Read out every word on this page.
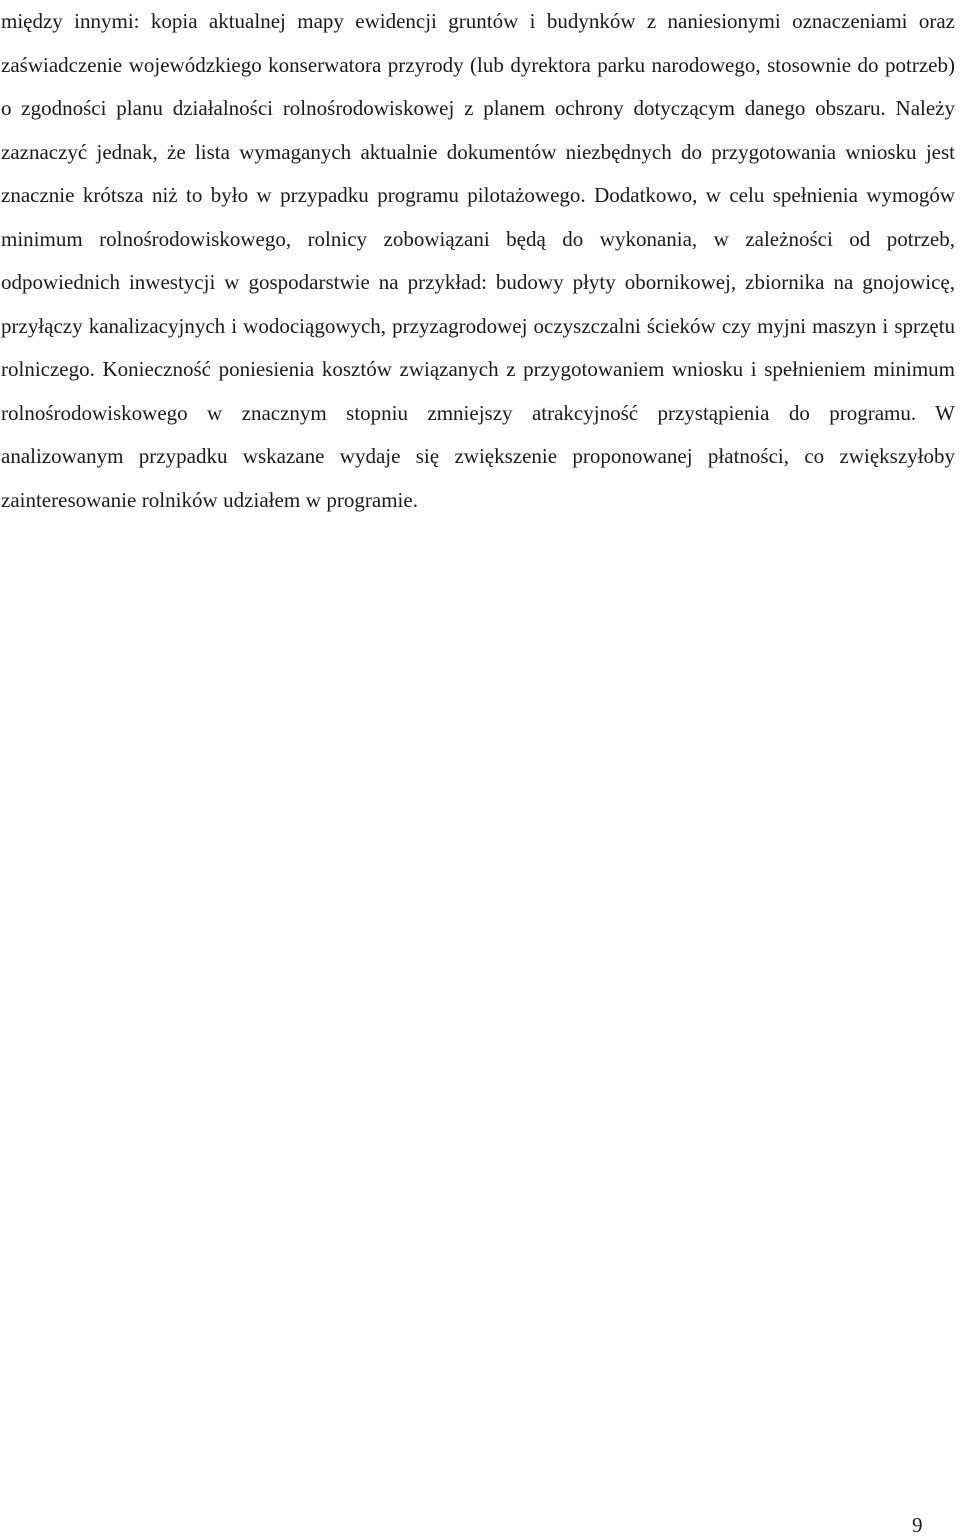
między innymi: kopia aktualnej mapy ewidencji gruntów i budynków z naniesionymi oznaczeniami oraz zaświadczenie wojewódzkiego konserwatora przyrody (lub dyrektora parku narodowego, stosownie do potrzeb) o zgodności planu działalności rolnośrodowiskowej z planem ochrony dotyczącym danego obszaru. Należy zaznaczyć jednak, że lista wymaganych aktualnie dokumentów niezbędnych do przygotowania wniosku jest znacznie krótsza niż to było w przypadku programu pilotażowego. Dodatkowo, w celu spełnienia wymogów minimum rolnośrodowiskowego, rolnicy zobowiązani będą do wykonania, w zależności od potrzeb, odpowiednich inwestycji w gospodarstwie na przykład: budowy płyty obornikowej, zbiornika na gnojowicę, przyłączy kanalizacyjnych i wodociągowych, przyzagrodowej oczyszczalni ścieków czy myjni maszyn i sprzętu rolniczego. Konieczność poniesienia kosztów związanych z przygotowaniem wniosku i spełnieniem minimum rolnośrodowiskowego w znacznym stopniu zmniejszy atrakcyjność przystąpienia do programu. W analizowanym przypadku wskazane wydaje się zwiększenie proponowanej płatności, co zwiększyłoby zainteresowanie rolników udziałem w programie.

9
